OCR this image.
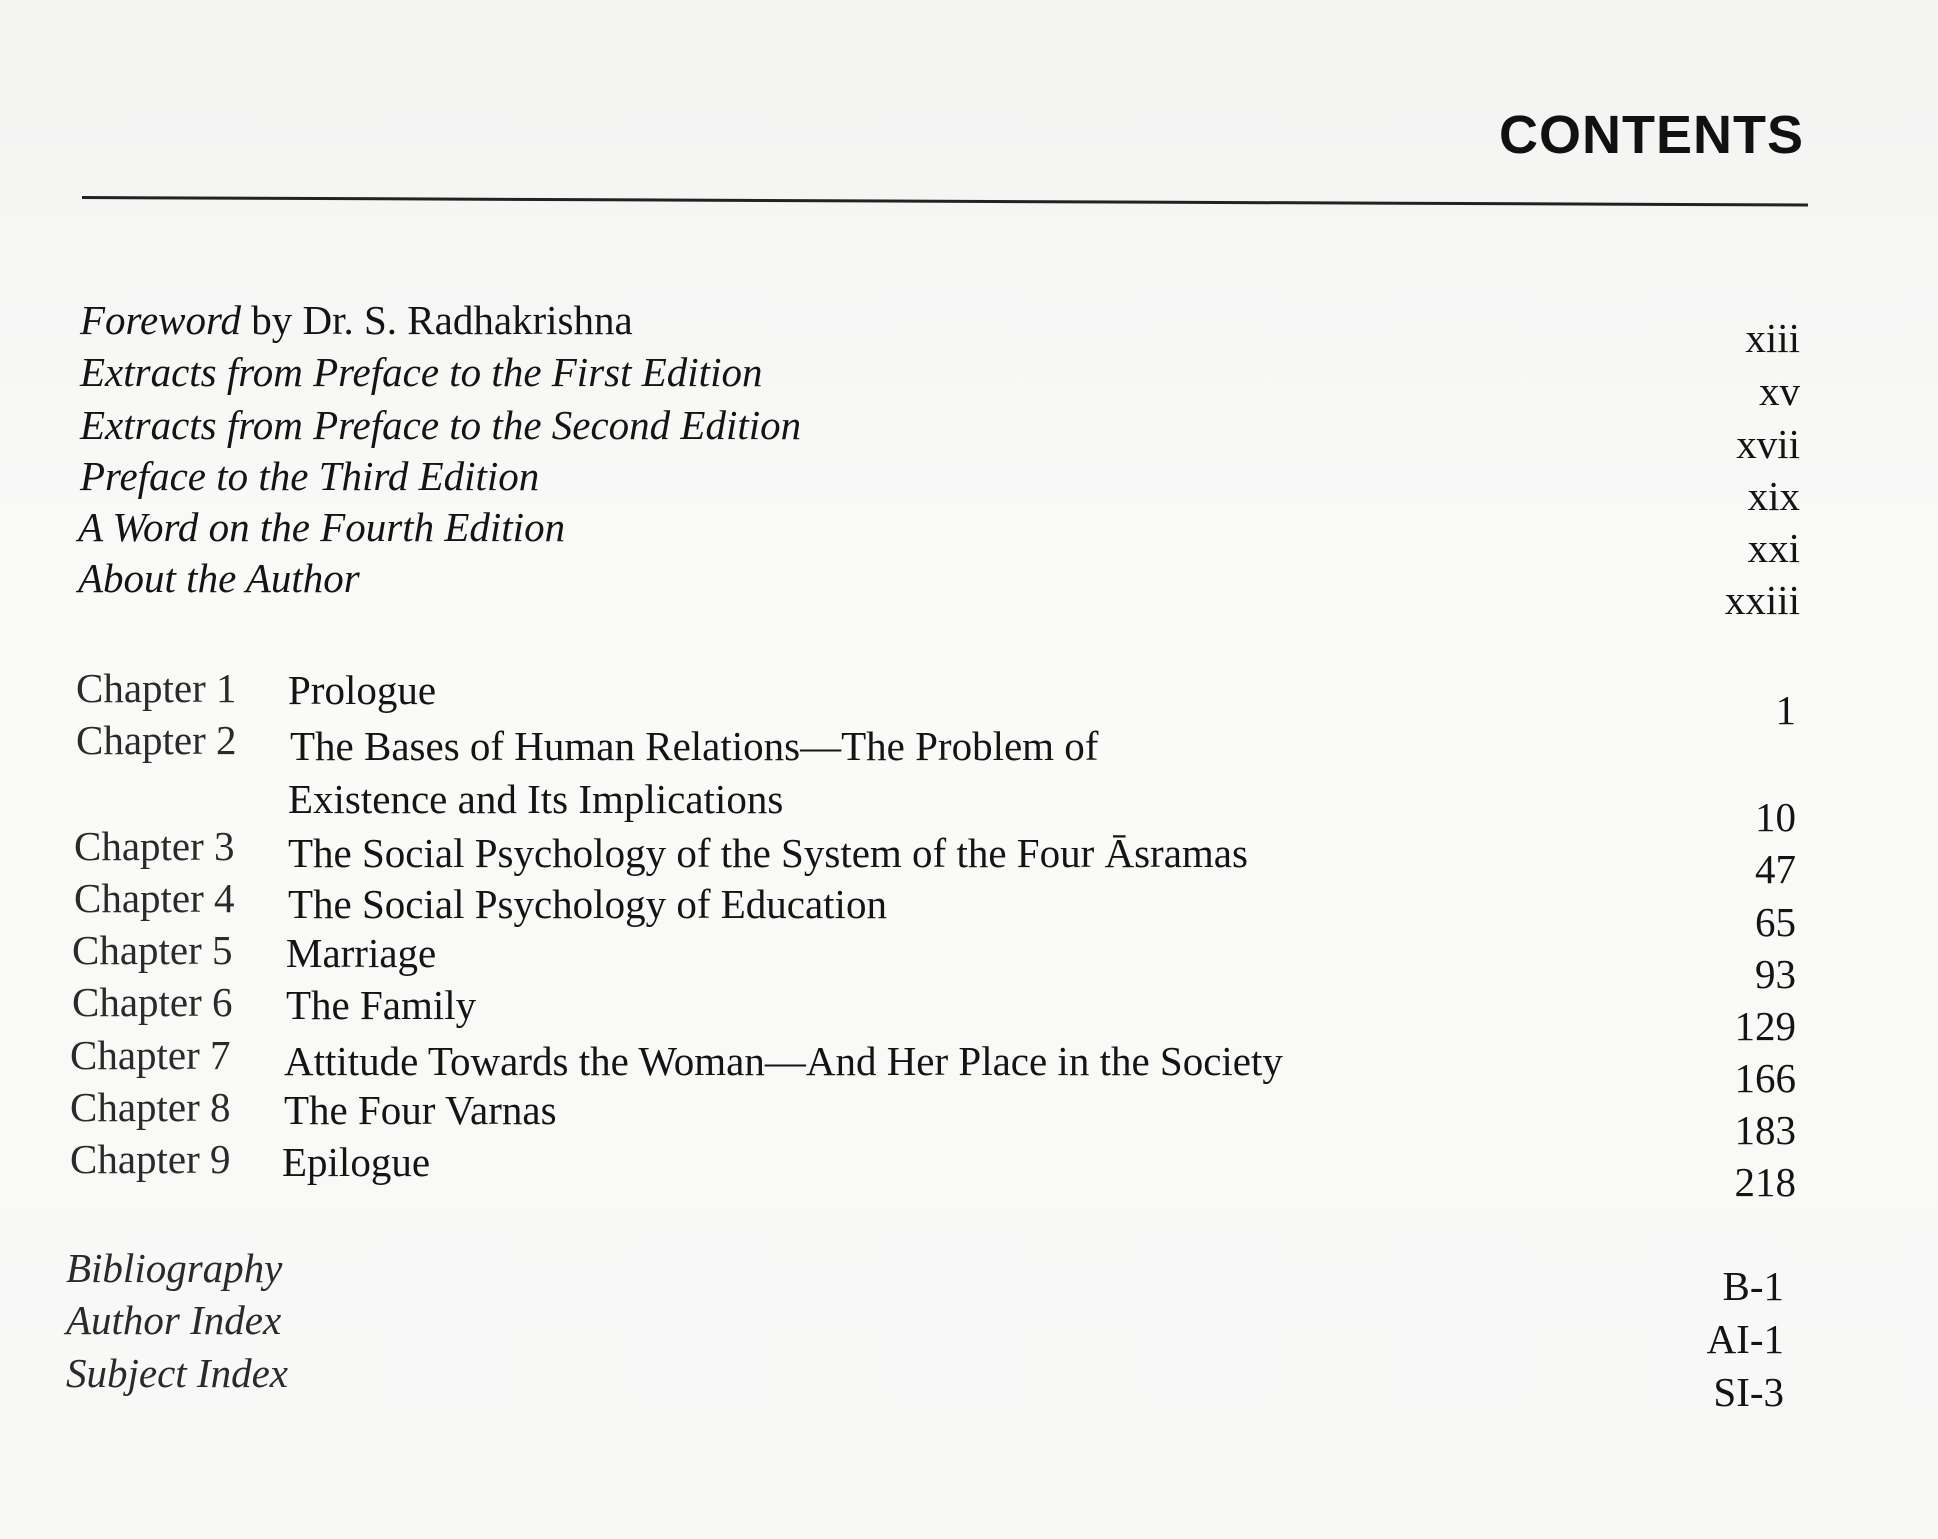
CONTENTS
Foreword by Dr. S. Radhakrishna	xiii
Extracts from Preface to the First Edition	xv
Extracts from Preface to the Second Edition	xvii
Preface to the Third Edition	xix
A Word on the Fourth Edition	xxi
About the Author	xxiii
Chapter 1 Prologue	1
Chapter 2 The Bases of Human Relations—The Problem of
Existence and Its Implications	10
Chapter 3 The Social Psychology of the System of the Four Āsramas	47
Chapter 4 The Social Psychology of Education	65
Chapter 5 Marriage	93
Chapter 6 The Family	129
Chapter 7 Attitude Towards the Woman—And Her Place in the Society	166
Chapter 8 The Four Varnas	183
Chapter 9 Epilogue	218
Bibliography	B-1
Author Index	AI-1
Subject Index	SI-3
